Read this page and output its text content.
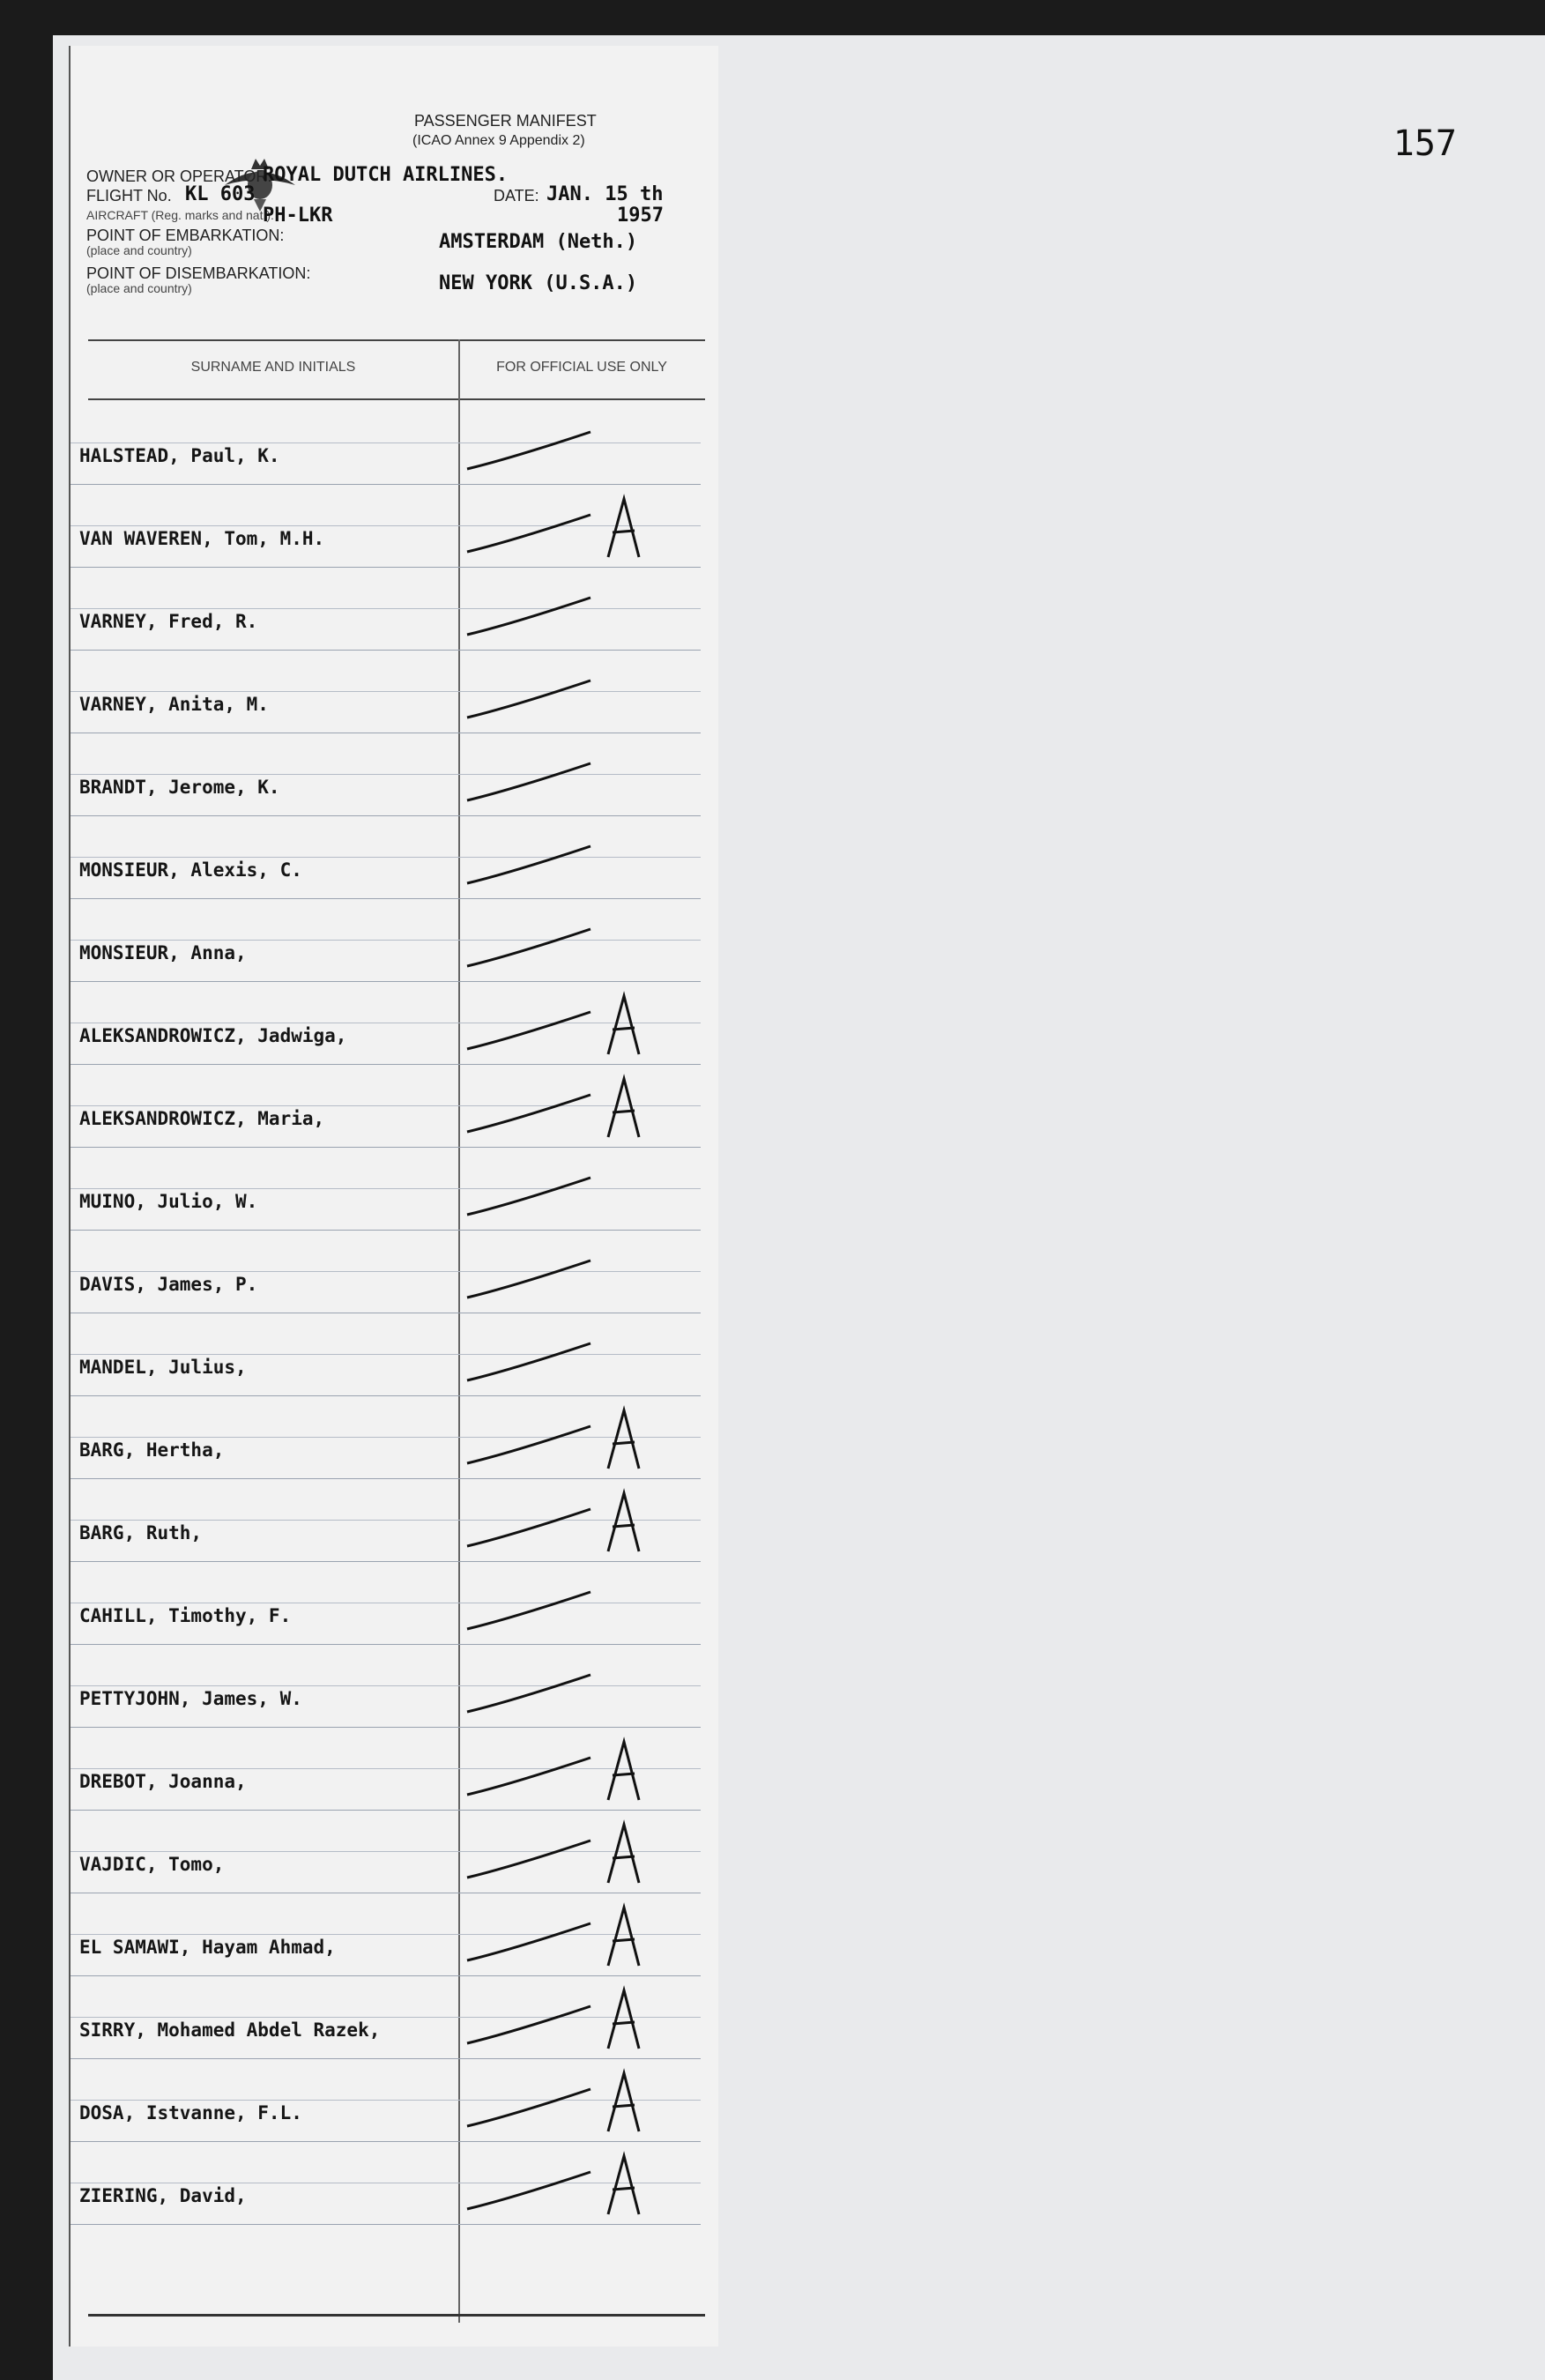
157
PASSENGER MANIFEST
(ICAO Annex 9 Appendix 2)
OWNER OR OPERATOR:
ROYAL DUTCH AIRLINES.
FLIGHT No. KL 603	DATE: JAN. 15 th
AIRCRAFT (Reg. marks and nat.):
PH-LKR	1957
POINT OF EMBARKATION:
(place and country)	AMSTERDAM (Neth.)
POINT OF DISEMBARKATION:
(place and country)	NEW YORK (U.S.A.)
SURNAME AND INITIALS	FOR OFFICIAL USE ONLY
HALSTEAD, Paul, K.
VAN WAVEREN, Tom, M.H.
VARNEY, Fred, R.
VARNEY, Anita, M.
BRANDT, Jerome, K.
MONSIEUR, Alexis, C.
MONSIEUR, Anna,
ALEKSANDROWICZ, Jadwiga,
ALEKSANDROWICZ, Maria,
MUINO, Julio, W.
DAVIS, James, P.
MANDEL, Julius,
BARG, Hertha,
BARG, Ruth,
CAHILL, Timothy, F.
PETTYJOHN, James, W.
DREBOT, Joanna,
VAJDIC, Tomo,
EL SAMAWI, Hayam Ahmad,
SIRRY, Mohamed Abdel Razek,
DOSA, Istvanne, F.L.
ZIERING, David,
